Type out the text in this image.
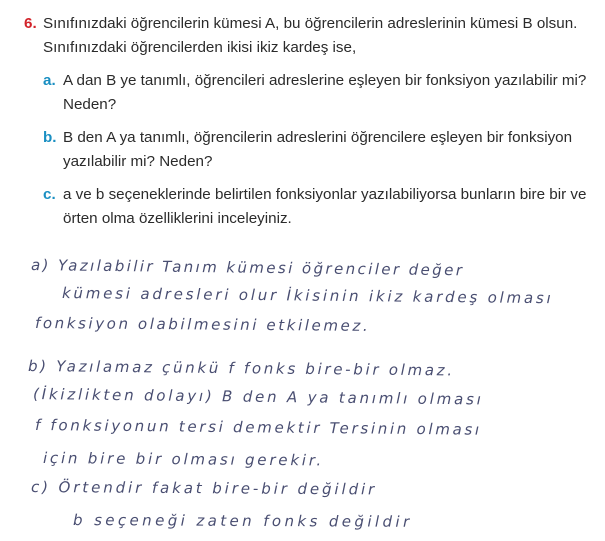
6. Sınıfınızdaki öğrencilerin kümesi A, bu öğrencilerin adreslerinin kümesi B olsun. Sınıfınızdaki öğrencilerden ikisi ikiz kardeş ise,
a. A dan B ye tanımlı, öğrencileri adreslerine eşleyen bir fonksiyon yazılabilir mi? Neden?
b. B den A ya tanımlı, öğrencilerin adreslerini öğrencilere eşleyen bir fonksiyon yazılabilir mi? Neden?
c. a ve b seçeneklerinde belirtilen fonksiyonlar yazılabiliyorsa bunların bire bir ve örten olma özelliklerini inceleyiniz.
a) Yazılabilir Tanım kümesi öğrenciler değer
kümesi adresleri olur İkisinin ikiz kardeş olması
fonksiyon olabilmesini etkilemez.
b) Yazılamaz çünkü f fonks bire-bir olmaz.
(İkizlikten dolayı) B den A ya tanımlı olması
f fonksiyonun tersi demektir Tersinin olması
için bire bir olması gerekir.
c) Örtendir fakat bire-bir değildir
b seçeneği zaten fonks değildir
